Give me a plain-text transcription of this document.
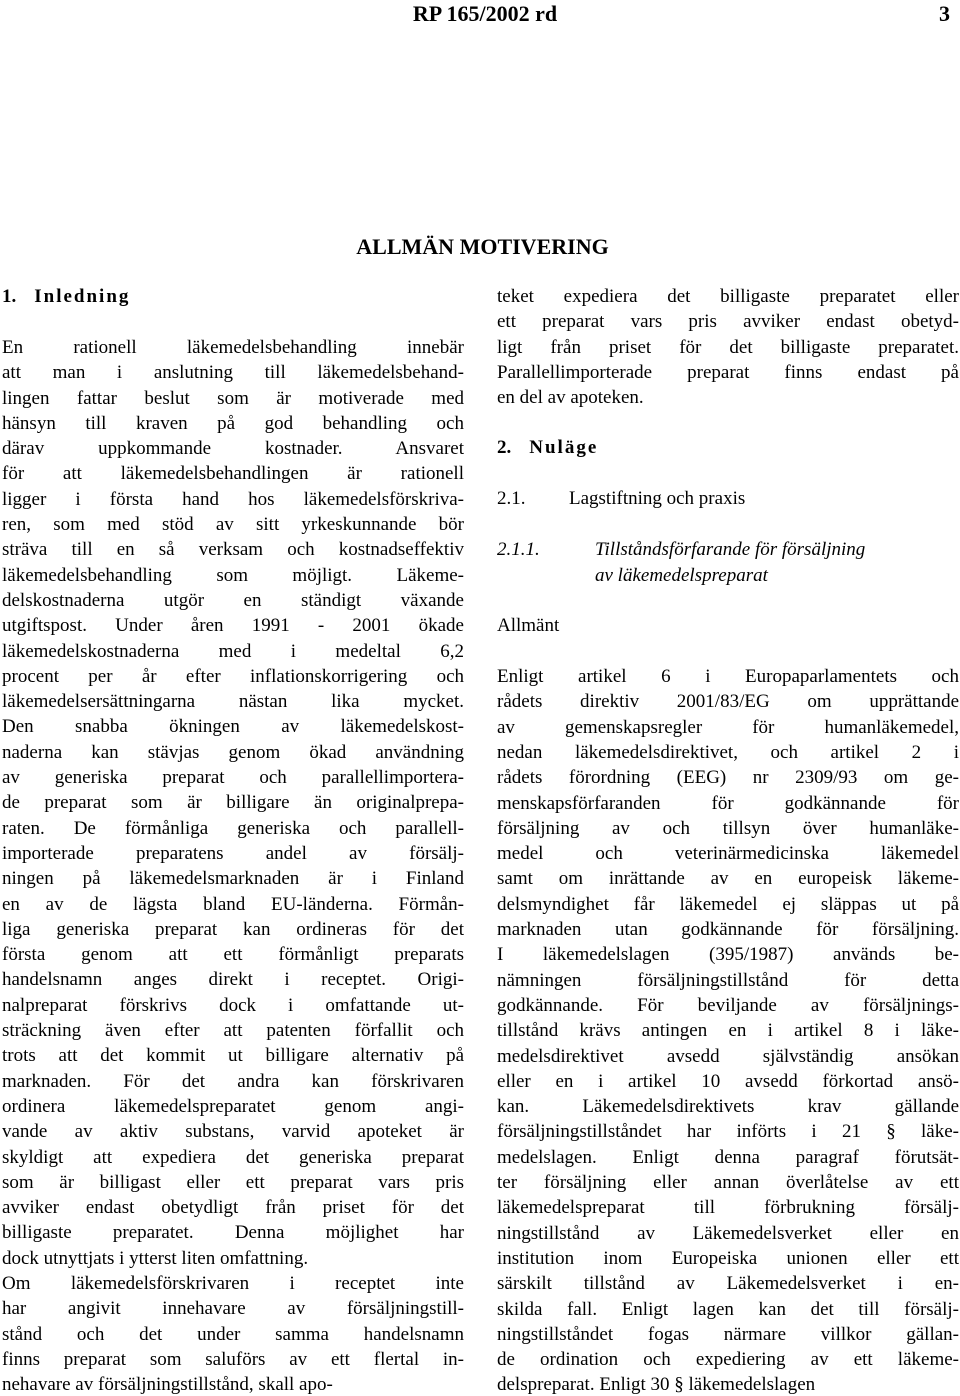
RP 165/2002 rd	3
ALLMÄN MOTIVERING
1. Inledning
En rationell läkemedelsbehandling innebär
att man i anslutning till läkemedelsbehand-
lingen fattar beslut som är motiverade med
hänsyn till kraven på god behandling och
därav uppkommande kostnader. Ansvaret
för att läkemedelsbehandlingen är rationell
ligger i första hand hos läkemedelsförskriva-
ren, som med stöd av sitt yrkeskunnande bör
sträva till en så verksam och kostnadseffektiv
läkemedelsbehandling som möjligt. Läkeme-
delskostnaderna utgör en ständigt växande
utgiftspost. Under åren 1991 - 2001 ökade
läkemedelskostnaderna med i medeltal 6,2
procent per år efter inflationskorrigering och
läkemedelsersättningarna nästan lika mycket.
Den snabba ökningen av läkemedelskost-
naderna kan stävjas genom ökad användning
av generiska preparat och parallellimportera-
de preparat som är billigare än originalprepa-
raten. De förmånliga generiska och parallell-
importerade preparatens andel av försälj-
ningen på läkemedelsmarknaden är i Finland
en av de lägsta bland EU-länderna. Förmån-
liga generiska preparat kan ordineras för det
första genom att ett förmånligt preparats
handelsnamn anges direkt i receptet. Origi-
nalpreparat förskrivs dock i omfattande ut-
sträckning även efter att patenten förfallit och
trots att det kommit ut billigare alternativ på
marknaden. För det andra kan förskrivaren
ordinera läkemedelspreparatet genom angi-
vande av aktiv substans, varvid apoteket är
skyldigt att expediera det generiska preparat
som är billigast eller ett preparat vars pris
avviker endast obetydligt från priset för det
billigaste preparatet. Denna möjlighet har
dock utnyttjats i ytterst liten omfattning.
Om läkemedelsförskrivaren i receptet inte
har angivit innehavare av försäljningstill-
stånd och det under samma handelsnamn
finns preparat som saluförs av ett flertal in-
nehavare av försäljningstillstånd, skall apo-
teket expediera det billigaste preparatet eller
ett preparat vars pris avviker endast obetyd-
ligt från priset för det billigaste preparatet.
Parallellimporterade preparat finns endast på
en del av apoteken.
2. Nuläge
2.1. Lagstiftning och praxis
2.1.1.	Tillståndsförfarande för försäljning
av läkemedelspreparat
Allmänt
Enligt artikel 6 i Europaparlamentets och
rådets direktiv 2001/83/EG om upprättande
av gemenskapsregler för humanläkemedel,
nedan läkemedelsdirektivet, och artikel 2 i
rådets förordning (EEG) nr 2309/93 om ge-
menskapsförfaranden för godkännande för
försäljning av och tillsyn över humanläke-
medel och veterinärmedicinska läkemedel
samt om inrättande av en europeisk läkeme-
delsmyndighet får läkemedel ej släppas ut på
marknaden utan godkännande för försäljning.
I läkemedelslagen (395/1987) används be-
nämningen försäljningstillstånd för detta
godkännande. För beviljande av försäljnings-
tillstånd krävs antingen en i artikel 8 i läke-
medelsdirektivet avsedd självständig ansökan
eller en i artikel 10 avsedd förkortad ansö-
kan. Läkemedelsdirektivets krav gällande
försäljningstillståndet har införts i 21 § läke-
medelslagen. Enligt denna paragraf förutsät-
ter försäljning eller annan överlåtelse av ett
läkemedelspreparat till förbrukning försälj-
ningstillstånd av Läkemedelsverket eller en
institution inom Europeiska unionen eller ett
särskilt tillstånd av Läkemedelsverket i en-
skilda fall. Enligt lagen kan det till försälj-
ningstillståndet fogas närmare villkor gällan-
de ordination och expediering av ett läkeme-
delspreparat. Enligt 30 § läkemedelslagen
